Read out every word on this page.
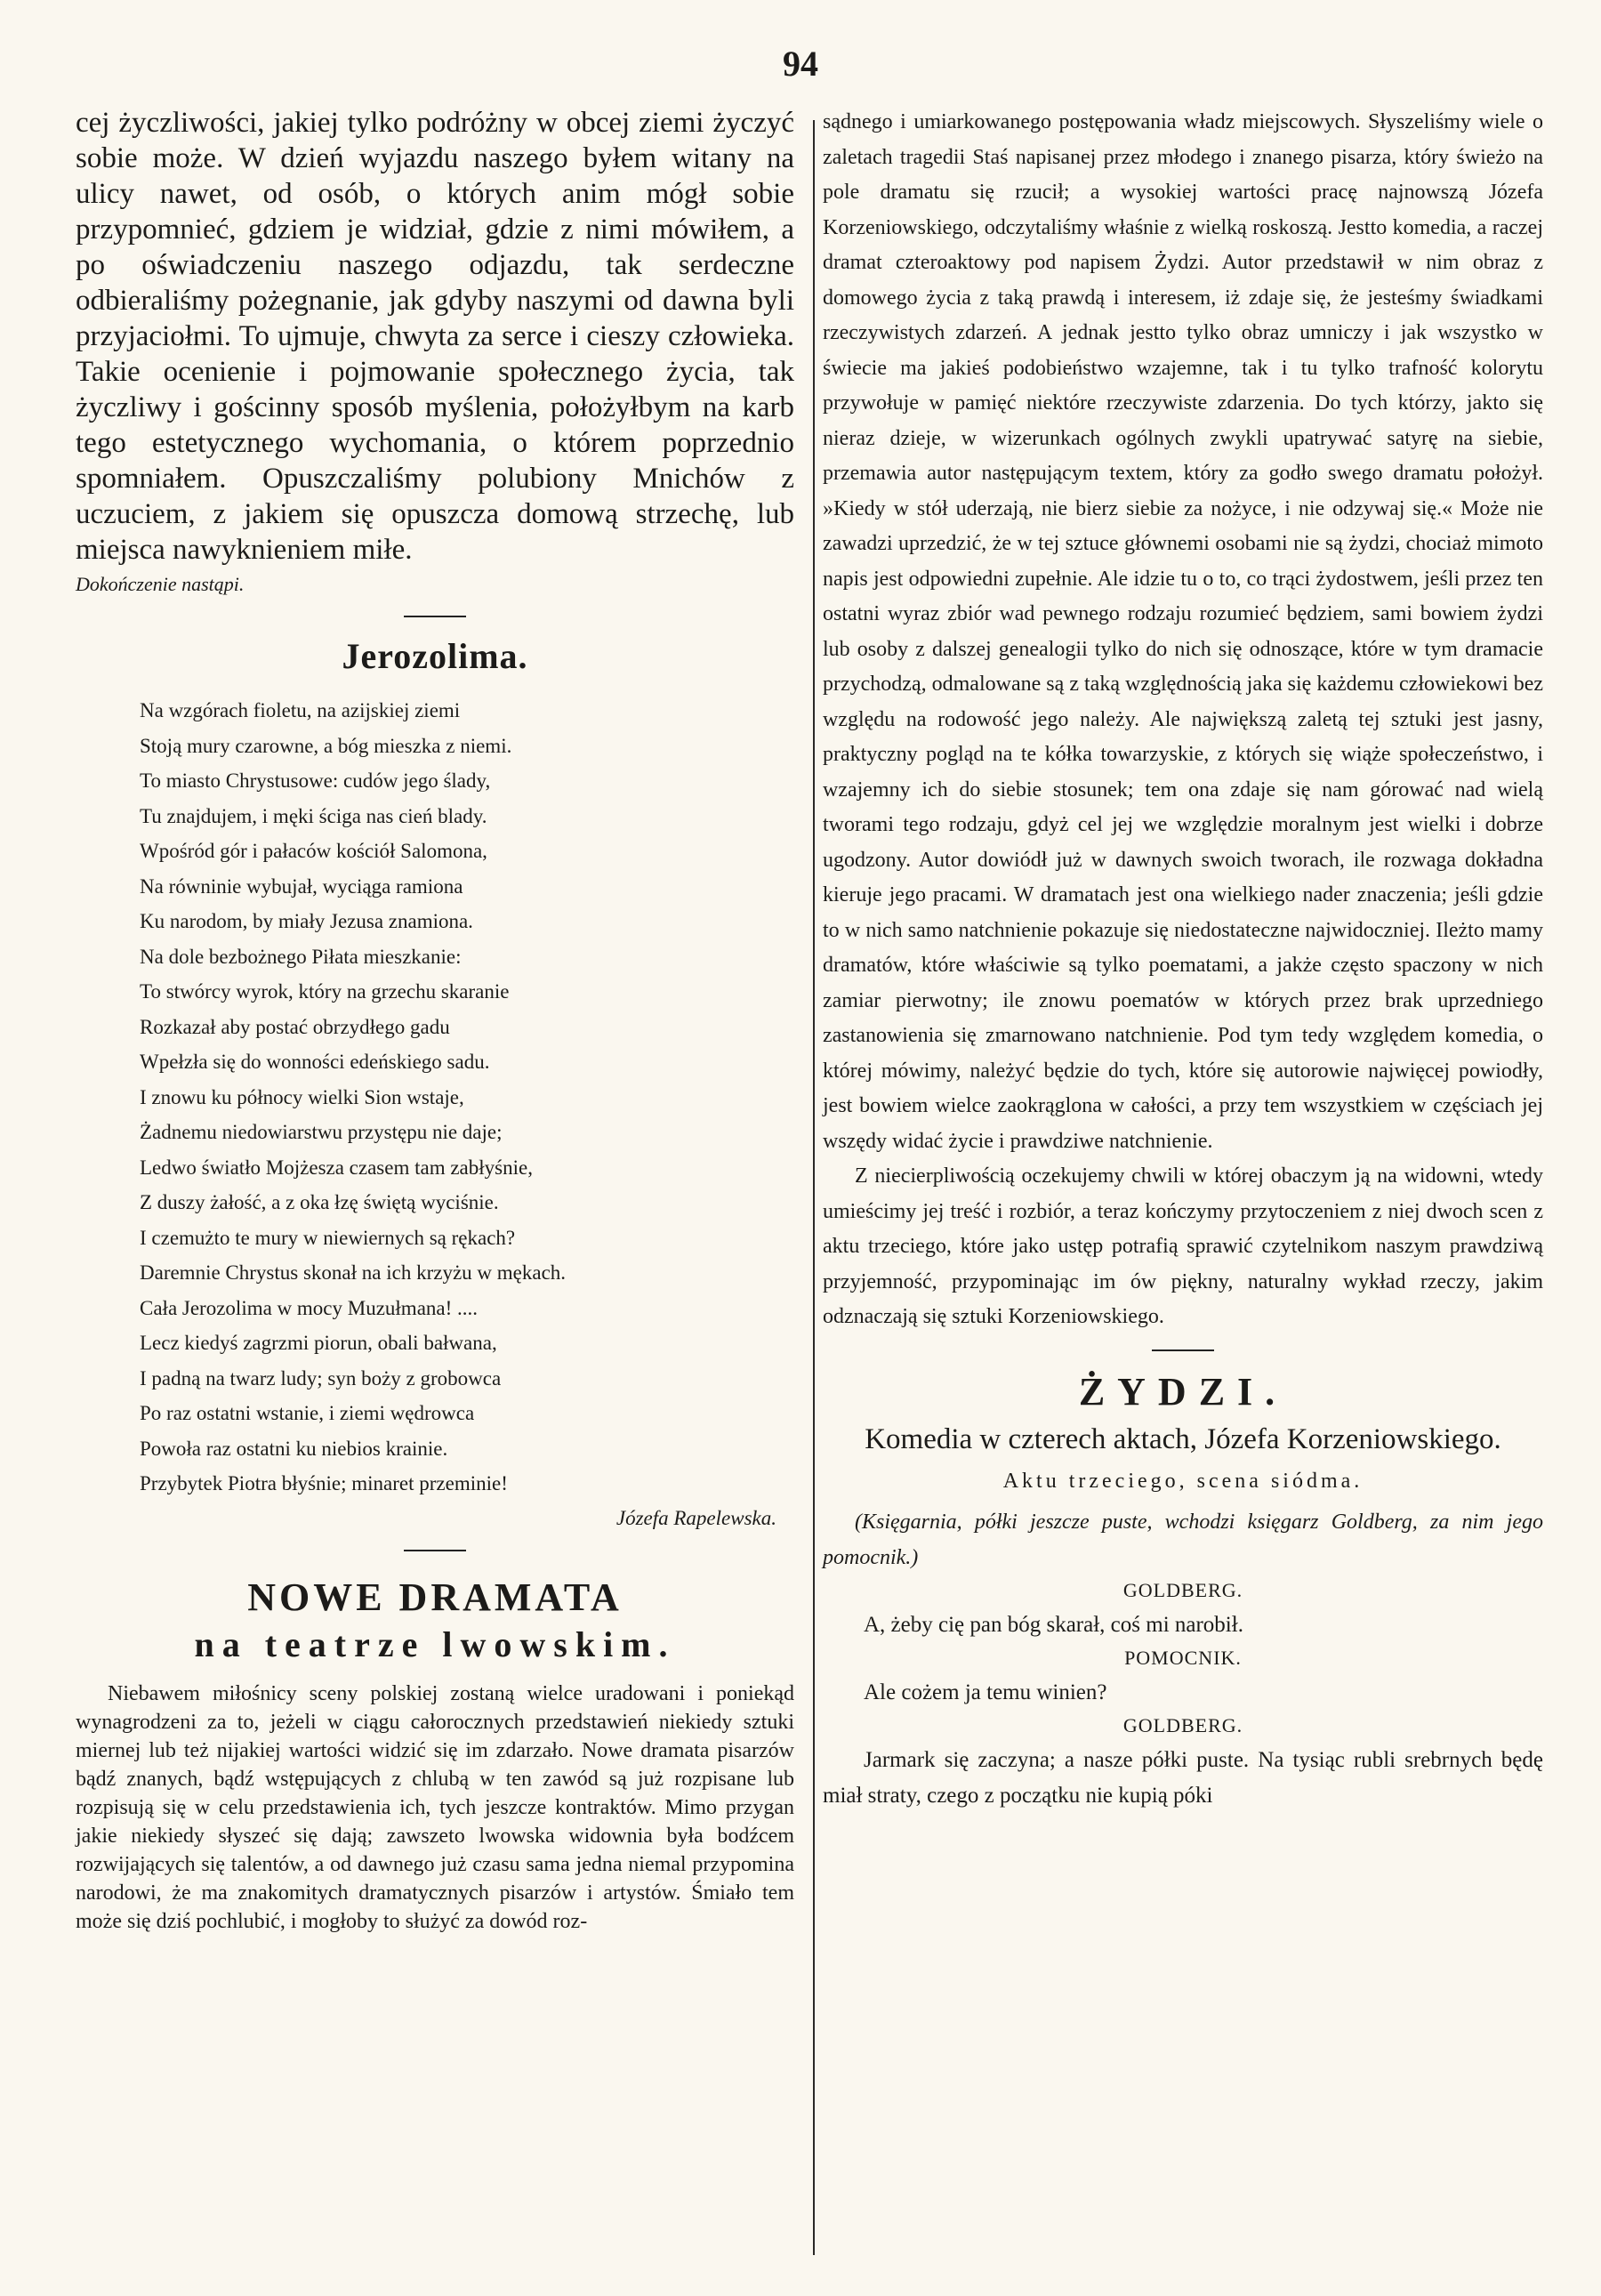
94

cej życzliwości, jakiej tylko podróżny w obcej ziemi życzyć sobie może. W dzień wyjazdu naszego byłem witany na ulicy nawet, od osób, o których anim mógł sobie przypomnieć, gdziem je widział, gdzie z nimi mówiłem, a po oświadczeniu naszego odjazdu, tak serdeczne odbieraliśmy pożegnanie, jak gdyby naszymi od dawna byli przyjaciołmi. To ujmuje, chwyta za serce i cieszy człowieka. Takie ocenienie i pojmowanie społecznego życia, tak życzliwy i gościnny sposób myślenia, położyłbym na karb tego estetycznego wychomania, o którem poprzednio spomniałem. Opuszczaliśmy polubiony Mnichów z uczuciem, z jakiem się opuszcza domową strzechę, lub miejsca nawyknieniem miłe.

Dokończenie nastąpi.

Jerozolima.
Na wzgórach fioletu, na azijskiej ziemi
Stoją mury czarowne, a bóg mieszka z niemi.
To miasto Chrystusowe: cudów jego ślady,
Tu znajdujem, i męki ściga nas cień blady.
Wpośród gór i pałaców kościół Salomona,
Na równinie wybujał, wyciąga ramiona
Ku narodom, by miały Jezusa znamiona.
Na dole bezbożnego Piłata mieszkanie:
To stwórcy wyrok, który na grzechu skaranie
Rozkazał aby postać obrzydłego gadu
Wpełzła się do wonności edeńskiego sadu.
I znowu ku północy wielki Sion wstaje,
Żadnemu niedowiarstwu przystępu nie daje;
Ledwo światło Mojżesza czasem tam zabłyśnie,
Z duszy żałość, a z oka łzę świętą wyciśnie.
I czemużto te mury w niewiernych są rękach?
Daremnie Chrystus skonał na ich krzyżu w mękach.
Cała Jerozolima w mocy Muzułmana! ....
Lecz kiedyś zagrzmi piorun, obali bałwana,
I padną na twarz ludy; syn boży z grobowca
Po raz ostatni wstanie, i ziemi wędrowca
Powoła raz ostatni ku niebios krainie.
Przybytek Piotra błyśnie; minaret przeminie!
Józefa Rapelewska.
NOWE DRAMATA
na teatrze lwowskim.

Niebawem miłośnicy sceny polskiej zostaną wielce uradowani i poniekąd wynagrodzeni za to, jeżeli w ciągu całorocznych przedstawień niekiedy sztuki miernej lub też nijakiej wartości widzić się im zdarzało. Nowe dramata pisarzów bądź znanych, bądź wstępujących z chlubą w ten zawód są już rozpisane lub rozpisują się w celu przedstawienia ich, tych jeszcze kontraktów. Mimo przygan jakie niekiedy słyszeć się dają; zawszeto lwowska widownia była bodźcem rozwijających się talentów, a od dawnego już czasu sama jedna niemal przypomina narodowi, że ma znakomitych dramatycznych pisarzów i artystów. Śmiało tem może się dziś pochlubić, i mogłoby to służyć za dowód roz-

sądnego i umiarkowanego postępowania władz miejscowych. Słyszeliśmy wiele o zaletach tragedii Staś napisanej przez młodego i znanego pisarza, który świeżo na pole dramatu się rzucił; a wysokiej wartości pracę najnowszą Józefa Korzeniowskiego, odczytaliśmy właśnie z wielką roskoszą. Jestto komedia, a raczej dramat czteroaktowy pod napisem Żydzi. Autor przedstawił w nim obraz z domowego życia z taką prawdą i interesem, iż zdaje się, że jesteśmy świadkami rzeczywistych zdarzeń. A jednak jestto tylko obraz umniczy i jak wszystko w świecie ma jakieś podobieństwo wzajemne, tak i tu tylko trafność kolorytu przywołuje w pamięć niektóre rzeczywiste zdarzenia. Do tych którzy, jakto się nieraz dzieje, w wizerunkach ogólnych zwykli upatrywać satyrę na siebie, przemawia autor następującym textem, który za godło swego dramatu położył. »Kiedy w stół uderzają, nie bierz siebie za nożyce, i nie odzywaj się.« Może nie zawadzi uprzedzić, że w tej sztuce głównemi osobami nie są żydzi, chociaż mimoto napis jest odpowiedni zupełnie. Ale idzie tu o to, co trąci żydostwem, jeśli przez ten ostatni wyraz zbiór wad pewnego rodzaju rozumieć będziem, sami bowiem żydzi lub osoby z dalszej genealogii tylko do nich się odnoszące, które w tym dramacie przychodzą, odmalowane są z taką względnością jaka się każdemu człowiekowi bez względu na rodowość jego należy. Ale największą zaletą tej sztuki jest jasny, praktyczny pogląd na te kółka towarzyskie, z których się wiąże społeczeństwo, i wzajemny ich do siebie stosunek; tem ona zdaje się nam górować nad wielą tworami tego rodzaju, gdyż cel jej we względzie moralnym jest wielki i dobrze ugodzony. Autor dowiódł już w dawnych swoich tworach, ile rozwaga dokładna kieruje jego pracami. W dramatach jest ona wielkiego nader znaczenia; jeśli gdzie to w nich samo natchnienie pokazuje się niedostateczne najwidoczniej. Ileżto mamy dramatów, które właściwie są tylko poematami, a jakże często spaczony w nich zamiar pierwotny; ile znowu poematów w których przez brak uprzedniego zastanowienia się zmarnowano natchnienie. Pod tym tedy względem komedia, o której mówimy, należyć będzie do tych, które się autorowie najwięcej powiodły, jest bowiem wielce zaokrąglona w całości, a przy tem wszystkiem w częściach jej wszędy widać życie i prawdziwe natchnienie.

Z niecierpliwością oczekujemy chwili w której obaczym ją na widowni, wtedy umieścimy jej treść i rozbiór, a teraz kończymy przytoczeniem z niej dwoch scen z aktu trzeciego, które jako ustęp potrafią sprawić czytelnikom naszym prawdziwą przyjemność, przypominając im ów piękny, naturalny wykład rzeczy, jakim odznaczają się sztuki Korzeniowskiego.

ŻYDZI.
Komedia w czterech aktach, Józefa Korzeniowskiego.
Aktu trzeciego, scena siódma.

(Księgarnia, półki jeszcze puste, wchodzi księgarz Goldberg, za nim jego pomocnik.)

GOLDBERG.

A, żeby cię pan bóg skarał, coś mi narobił.

POMOCNIK.

Ale cożem ja temu winien?

GOLDBERG.

Jarmark się zaczyna; a nasze półki puste. Na tysiąc rubli srebrnych będę miał straty, czego z początku nie kupią póki
